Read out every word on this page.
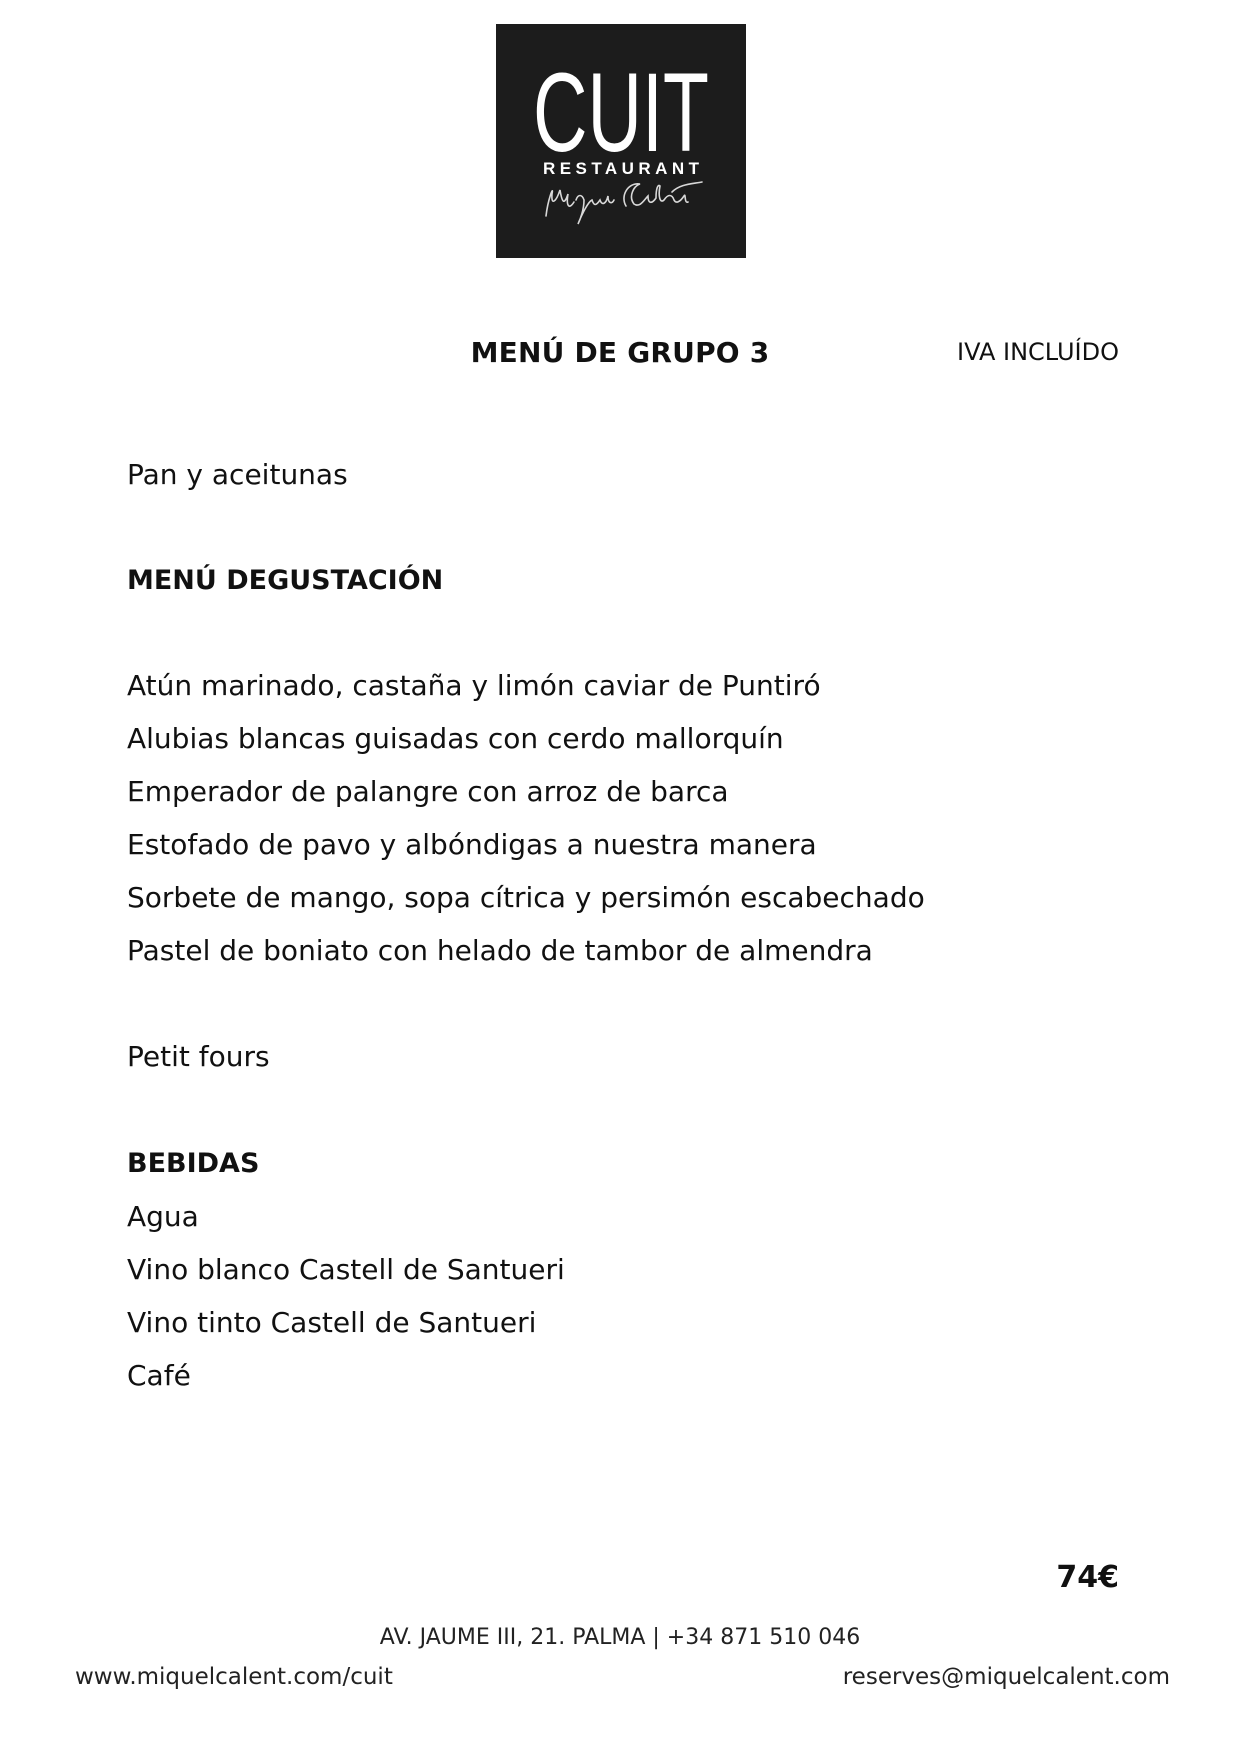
CUIT
RESTAURANT
MENÚ DE GRUPO 3	IVA INCLUÍDO
Pan y aceitunas
MENÚ DEGUSTACIÓN
Atún marinado, castaña y limón caviar de Puntiró
Alubias blancas guisadas con cerdo mallorquín
Emperador de palangre con arroz de barca
Estofado de pavo y albóndigas a nuestra manera
Sorbete de mango, sopa cítrica y persimón escabechado
Pastel de boniato con helado de tambor de almendra
Petit fours
BEBIDAS
Agua
Vino blanco Castell de Santueri
Vino tinto Castell de Santueri
Café
74€
AV. JAUME III, 21. PALMA | +34 871 510 046
www.miquelcalent.com/cuit	reserves@miquelcalent.com
